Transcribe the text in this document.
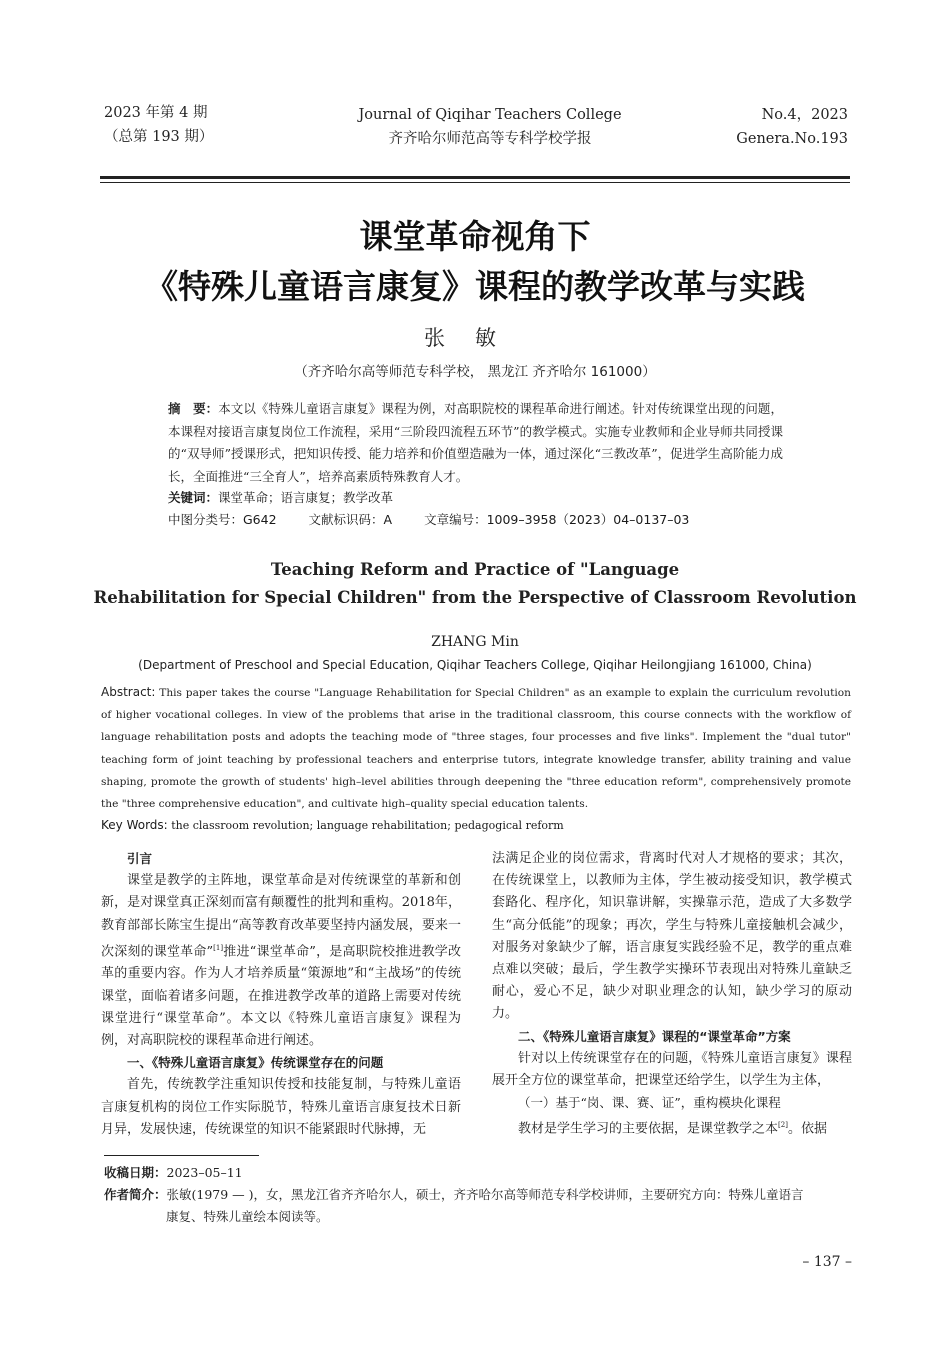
2023 年第 4 期
（总第 193 期）
Journal of Qiqihar Teachers College
齐齐哈尔师范高等专科学校学报
No.4，2023
Genera.No.193
课堂革命视角下
《特殊儿童语言康复》课程的教学改革与实践
张敏
（齐齐哈尔高等师范专科学校， 黑龙江 齐齐哈尔 161000）
摘　要：本文以《特殊儿童语言康复》课程为例，对高职院校的课程革命进行阐述。针对传统课堂出现的问题，本课程对接语言康复岗位工作流程，采用“三阶段四流程五环节”的教学模式。实施专业教师和企业导师共同授课的“双导师”授课形式，把知识传授、能力培养和价值塑造融为一体，通过深化“三教改革”，促进学生高阶能力成长，全面推进“三全育人”，培养高素质特殊教育人才。
关键词：课堂革命；语言康复；教学改革
中图分类号：G642	文献标识码：A	文章编号：1009–3958（2023）04–0137–03
Teaching Reform and Practice of "Language
Rehabilitation for Special Children" from the Perspective of Classroom Revolution
ZHANG Min
(Department of Preschool and Special Education, Qiqihar Teachers College, Qiqihar Heilongjiang 161000, China)
Abstract: This paper takes the course "Language Rehabilitation for Special Children" as an example to explain the curriculum revolution of higher vocational colleges. In view of the problems that arise in the traditional classroom, this course connects with the workflow of language rehabilitation posts and adopts the teaching mode of "three stages, four processes and five links". Implement the "dual tutor" teaching form of joint teaching by professional teachers and enterprise tutors, integrate knowledge transfer, ability training and value shaping, promote the growth of students' high–level abilities through deepening the "three education reform", comprehensively promote the "three comprehensive education", and cultivate high–quality special education talents.
Key Words: the classroom revolution; language rehabilitation; pedagogical reform

引言

课堂是教学的主阵地，课堂革命是对传统课堂的革新和创新，是对课堂真正深刻而富有颠覆性的批判和重构。2018年，教育部部长陈宝生提出“高等教育改革要坚持内涵发展，要来一次深刻的课堂革命”[1]推进“课堂革命”，是高职院校推进教学改革的重要内容。作为人才培养质量“策源地”和“主战场”的传统课堂，面临着诸多问题，在推进教学改革的道路上需要对传统课堂进行“课堂革命”。本文以《特殊儿童语言康复》课程为例，对高职院校的课程革命进行阐述。

一、《特殊儿童语言康复》传统课堂存在的问题

首先，传统教学注重知识传授和技能复制，与特殊儿童语言康复机构的岗位工作实际脱节，特殊儿童语言康复技术日新月异，发展快速，传统课堂的知识不能紧跟时代脉搏，无

法满足企业的岗位需求，背离时代对人才规格的要求；其次，在传统课堂上，以教师为主体，学生被动接受知识，教学模式套路化、程序化，知识靠讲解，实操靠示范，造成了大多数学生“高分低能”的现象；再次，学生与特殊儿童接触机会减少，对服务对象缺少了解，语言康复实践经验不足，教学的重点难点难以突破；最后，学生教学实操环节表现出对特殊儿童缺乏耐心，爱心不足，缺少对职业理念的认知，缺少学习的原动力。

二、《特殊儿童语言康复》课程的“课堂革命”方案

针对以上传统课堂存在的问题，《特殊儿童语言康复》课程展开全方位的课堂革命，把课堂还给学生，以学生为主体，

（一）基于“岗、课、赛、证”，重构模块化课程

教材是学生学习的主要依据，是课堂教学之本[2]。依据

收稿日期：2023–05–11
作者简介：张敏(1979 — )，女，黑龙江省齐齐哈尔人，硕士，齐齐哈尔高等师范专科学校讲师，主要研究方向：特殊儿童语言
康复、特殊儿童绘本阅读等。
– 137 –
